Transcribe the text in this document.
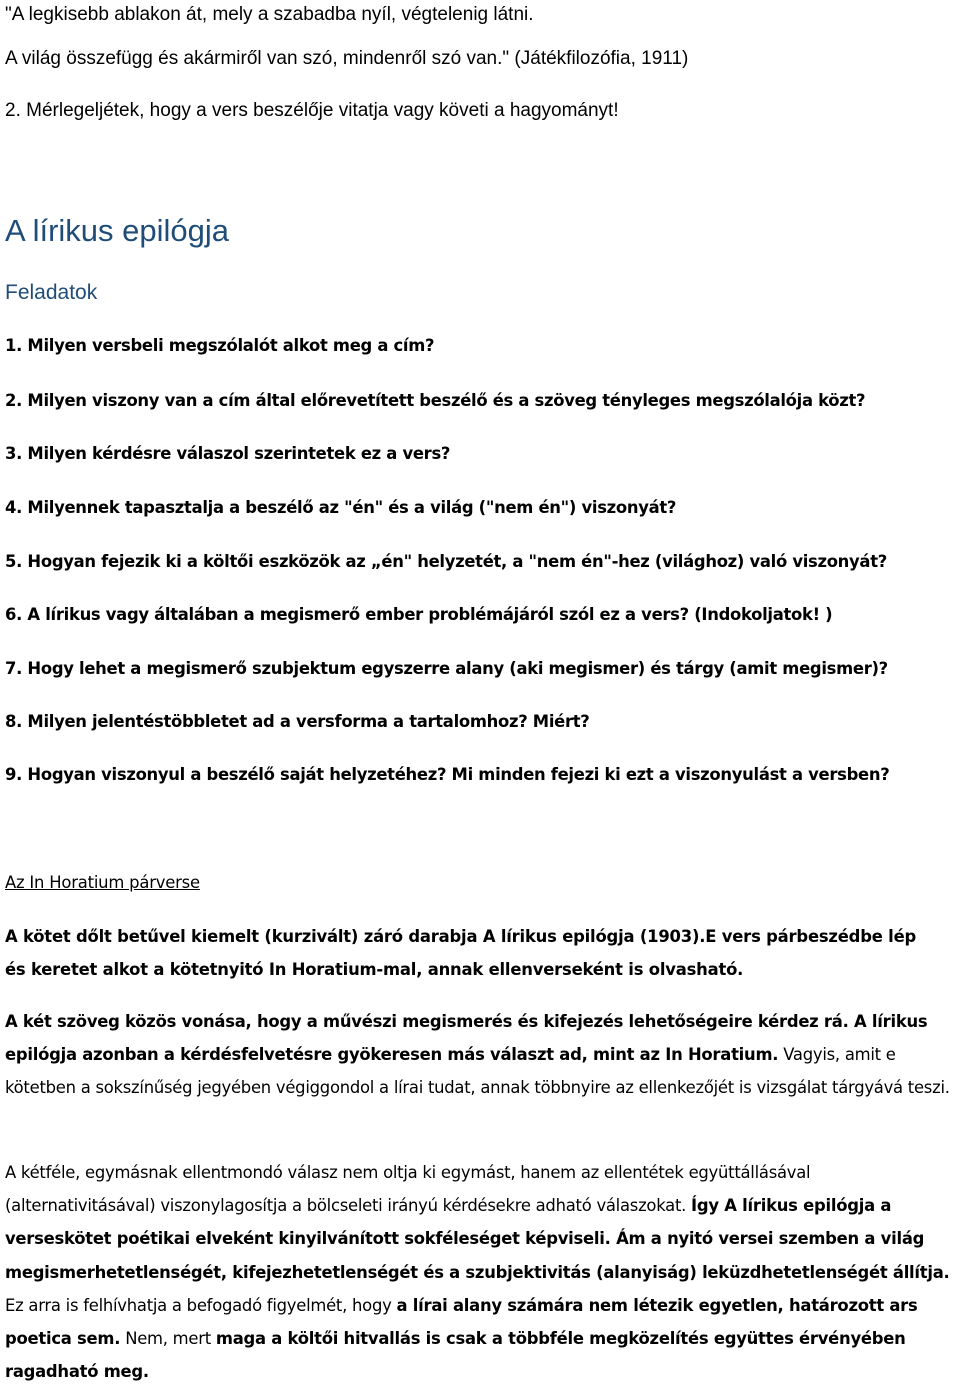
"A legkisebb ablakon át, mely a szabadba nyíl, végtelenig látni.
A világ összefügg és akármiről van szó, mindenről szó van." (Játékfilozófia, 1911)
2. Mérlegeljétek, hogy a vers beszélője vitatja vagy követi a hagyományt!
A lírikus epilógja
Feladatok
1. Milyen versbeli megszólalót alkot meg a cím?
2. Milyen viszony van a cím által előrevetített beszélő és a szöveg tényleges megszólalója közt?
3. Milyen kérdésre válaszol szerintetek ez a vers?
4. Milyennek tapasztalja a beszélő az "én" és a világ ("nem én") viszonyát?
5. Hogyan fejezik ki a költői eszközök az „én" helyzetét, a "nem én"-hez (világhoz) való viszonyát?
6. A lírikus vagy általában a megismerő ember problémájáról szól ez a vers? (Indokoljatok! )
7. Hogy lehet a megismerő szubjektum egyszerre alany (aki megismer) és tárgy (amit megismer)?
8. Milyen jelentéstöbbletet ad a versforma a tartalomhoz? Miért?
9. Hogyan viszonyul a beszélő saját helyzetéhez? Mi minden fejezi ki ezt a viszonyulást a versben?
Az In Horatium párverse
A kötet dőlt betűvel kiemelt (kurzivált) záró darabja A lírikus epilógja (1903).E vers párbeszédbe lép
és keretet alkot a kötetnyitó In Horatium-mal, annak ellenverseként is olvasható.
A két szöveg közös vonása, hogy a művészi megismerés és kifejezés lehetőségeire kérdez rá. A lírikus epilógja azonban a kérdésfelvetésre gyökeresen más választ ad, mint az In Horatium. Vagyis, amit e kötetben a sokszínűség jegyében végiggondol a lírai tudat, annak többnyire az ellenkezőjét is vizsgálat tárgyává teszi.
A kétféle, egymásnak ellentmondó válasz nem oltja ki egymást, hanem az ellentétek együttállásával (alternativitásával) viszonylagosítja a bölcseleti irányú kérdésekre adható válaszokat. Így A lírikus epilógja a verseskötet poétikai elveként kinyilvánított sokféleséget képviseli. Ám a nyitó versei szemben a világ megismerhetetlenségét, kifejezhetetlenségét és a szubjektivitás (alanyiság) leküzdhetetlenségét állítja. Ez arra is felhívhatja a befogadó figyelmét, hogy a lírai alany számára nem létezik egyetlen, határozott ars poetica sem. Nem, mert maga a költői hitvallás is csak a többféle megközelítés együttes érvényében ragadható meg.
